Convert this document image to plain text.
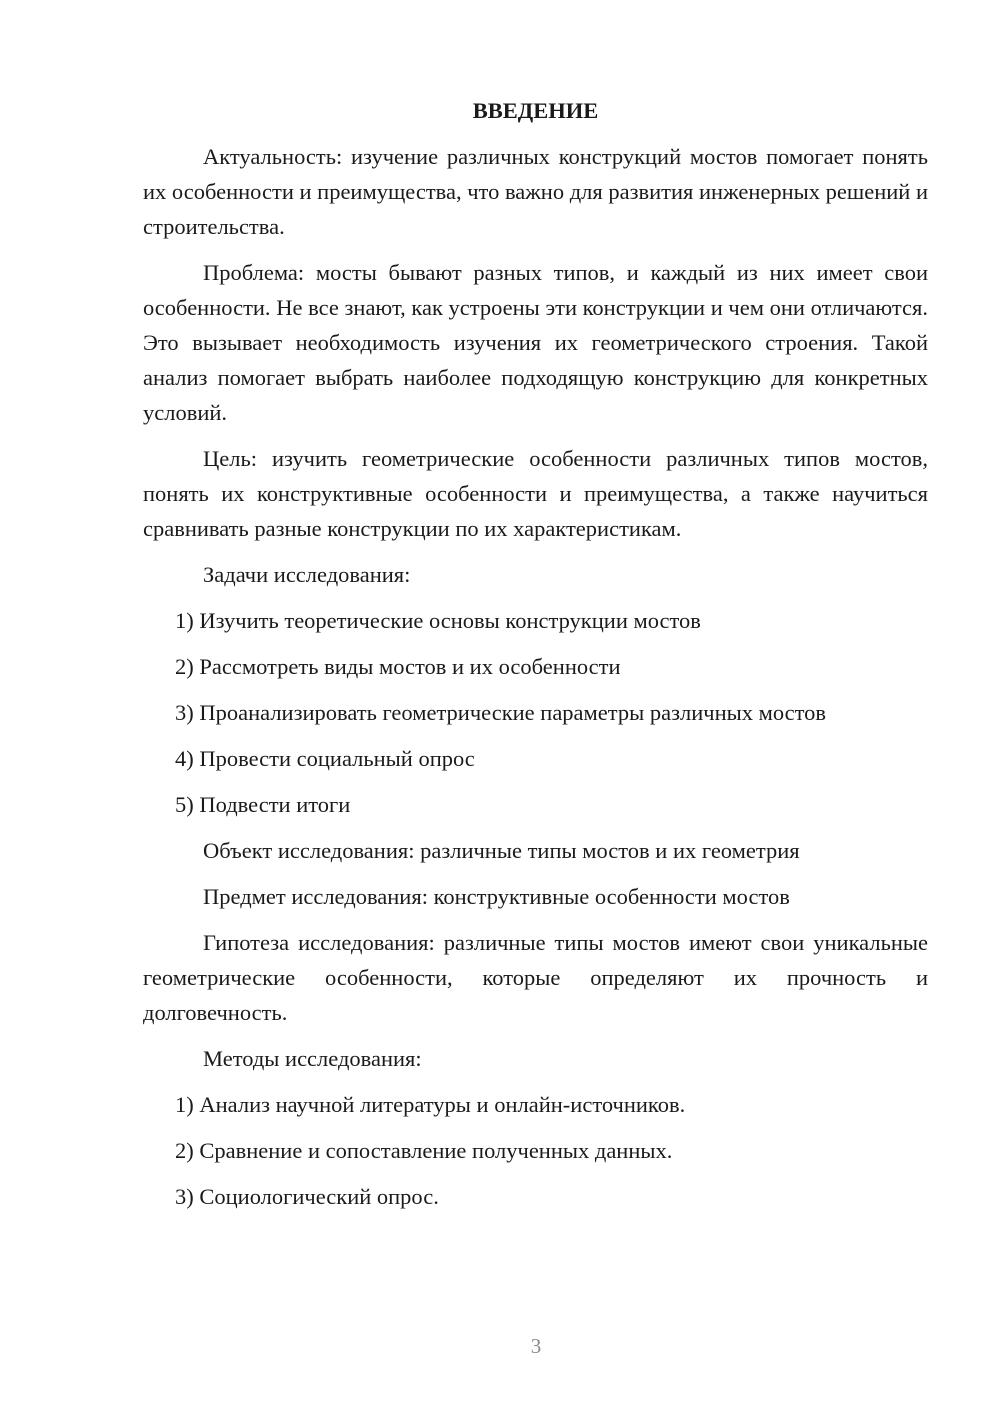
ВВЕДЕНИЕ

Актуальность: изучение различных конструкций мостов помогает понять их особенности и преимущества, что важно для развития инженерных решений и строительства.

Проблема: мосты бывают разных типов, и каждый из них имеет свои особенности. Не все знают, как устроены эти конструкции и чем они отличаются. Это вызывает необходимость изучения их геометрического строения. Такой анализ помогает выбрать наиболее подходящую конструкцию для конкретных условий.

Цель: изучить геометрические особенности различных типов мостов, понять их конструктивные особенности и преимущества, а также научиться сравнивать разные конструкции по их характеристикам.

Задачи исследования:

1) Изучить теоретические основы конструкции мостов

2) Рассмотреть виды мостов и их особенности

3) Проанализировать геометрические параметры различных мостов

4) Провести социальный опрос

5) Подвести итоги

Объект исследования: различные типы мостов и их геометрия

Предмет исследования: конструктивные особенности мостов

Гипотеза исследования: различные типы мостов имеют свои уникальные геометрические особенности, которые определяют их прочность и долговечность.

Методы исследования:

1) Анализ научной литературы и онлайн-источников.

2) Сравнение и сопоставление полученных данных.

3) Социологический опрос.

3
